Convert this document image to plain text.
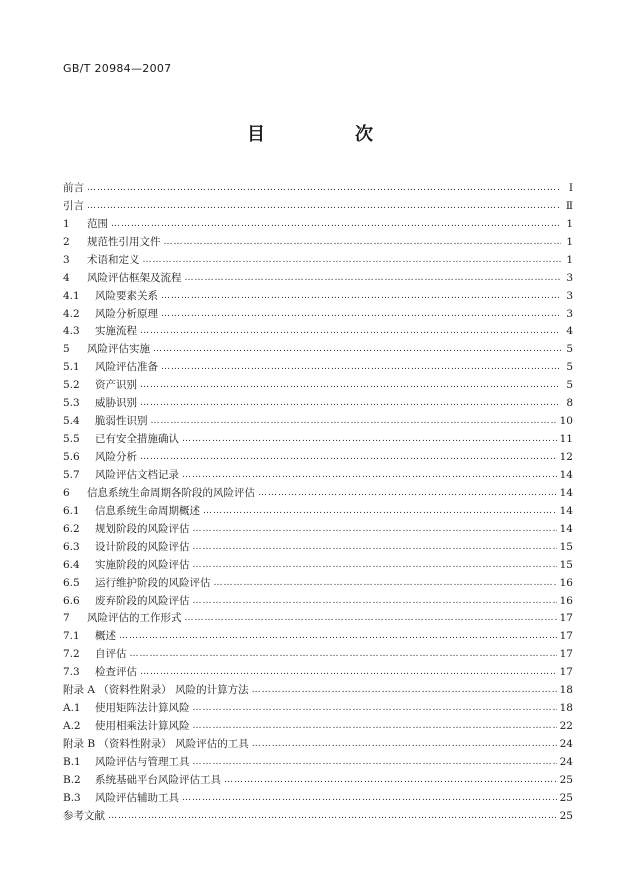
GB/T 20984—2007
目　次
前言 ……………………………………………………………………………………………………………………………………………………………………………………………………………	Ⅰ
引言 ……………………………………………………………………………………………………………………………………………………………………………………………………………	Ⅱ
1	范围 ……………………………………………………………………………………………………………………………………………………………………………………………………………	1
2	规范性引用文件 ……………………………………………………………………………………………………………………………………………………………………………………………………………	1
3	术语和定义 ……………………………………………………………………………………………………………………………………………………………………………………………………………	1
4	风险评估框架及流程 ……………………………………………………………………………………………………………………………………………………………………………………………………………	3
4.1	风险要素关系 ……………………………………………………………………………………………………………………………………………………………………………………………………………	3
4.2	风险分析原理 ……………………………………………………………………………………………………………………………………………………………………………………………………………	3
4.3	实施流程 ……………………………………………………………………………………………………………………………………………………………………………………………………………	4
5	风险评估实施 ……………………………………………………………………………………………………………………………………………………………………………………………………………	5
5.1	风险评估准备 ……………………………………………………………………………………………………………………………………………………………………………………………………………	5
5.2	资产识别 ……………………………………………………………………………………………………………………………………………………………………………………………………………	5
5.3	威胁识别 ……………………………………………………………………………………………………………………………………………………………………………………………………………	8
5.4	脆弱性识别 ……………………………………………………………………………………………………………………………………………………………………………………………………………	10
5.5	已有安全措施确认 ……………………………………………………………………………………………………………………………………………………………………………………………………………	11
5.6	风险分析 ……………………………………………………………………………………………………………………………………………………………………………………………………………	12
5.7	风险评估文档记录 ……………………………………………………………………………………………………………………………………………………………………………………………………………	14
6	信息系统生命周期各阶段的风险评估 ……………………………………………………………………………………………………………………………………………………………………………………………………………	14
6.1	信息系统生命周期概述 ……………………………………………………………………………………………………………………………………………………………………………………………………………	14
6.2	规划阶段的风险评估 ……………………………………………………………………………………………………………………………………………………………………………………………………………	14
6.3	设计阶段的风险评估 ……………………………………………………………………………………………………………………………………………………………………………………………………………	15
6.4	实施阶段的风险评估 ……………………………………………………………………………………………………………………………………………………………………………………………………………	15
6.5	运行维护阶段的风险评估 ……………………………………………………………………………………………………………………………………………………………………………………………………………	16
6.6	废弃阶段的风险评估 ……………………………………………………………………………………………………………………………………………………………………………………………………………	16
7	风险评估的工作形式 ……………………………………………………………………………………………………………………………………………………………………………………………………………	17
7.1	概述 ……………………………………………………………………………………………………………………………………………………………………………………………………………	17
7.2	自评估 ……………………………………………………………………………………………………………………………………………………………………………………………………………	17
7.3	检查评估 ……………………………………………………………………………………………………………………………………………………………………………………………………………	17
附录 A （资料性附录） 风险的计算方法 ……………………………………………………………………………………………………………………………………………………………………………………………………………	18
A.1	使用矩阵法计算风险 ……………………………………………………………………………………………………………………………………………………………………………………………………………	18
A.2	使用相乘法计算风险 ……………………………………………………………………………………………………………………………………………………………………………………………………………	22
附录 B （资料性附录） 风险评估的工具 ……………………………………………………………………………………………………………………………………………………………………………………………………………	24
B.1	风险评估与管理工具 ……………………………………………………………………………………………………………………………………………………………………………………………………………	24
B.2	系统基础平台风险评估工具 ……………………………………………………………………………………………………………………………………………………………………………………………………………	25
B.3	风险评估辅助工具 ……………………………………………………………………………………………………………………………………………………………………………………………………………	25
参考文献 ……………………………………………………………………………………………………………………………………………………………………………………………………………	25
